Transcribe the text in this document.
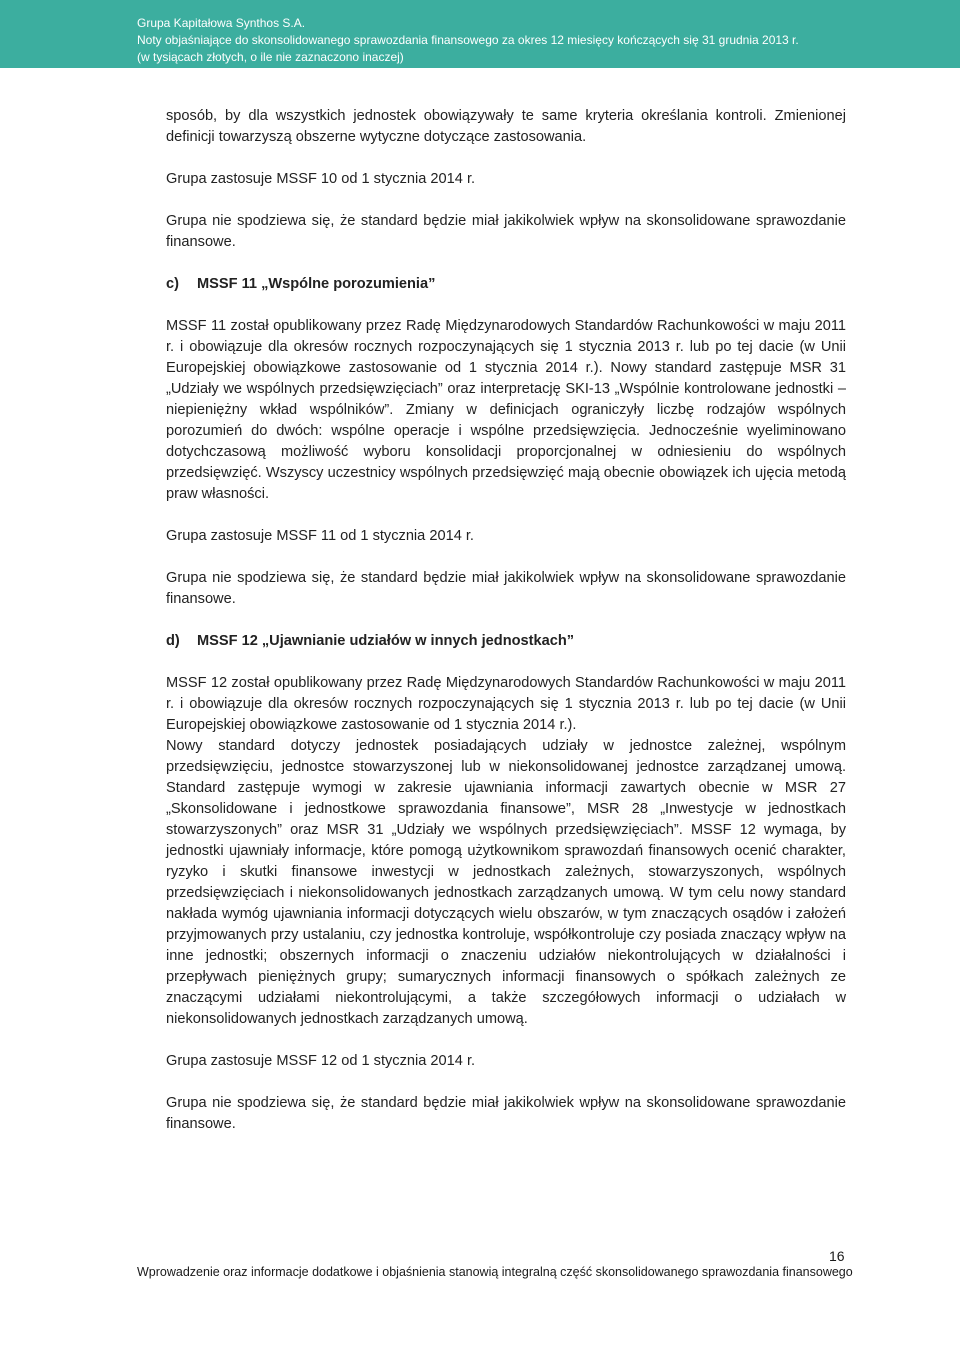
Grupa Kapitałowa Synthos S.A.
Noty objaśniające do skonsolidowanego sprawozdania finansowego za okres 12 miesięcy kończących się 31 grudnia 2013 r.
(w tysiącach złotych, o ile nie zaznaczono inaczej)

sposób, by dla wszystkich jednostek obowiązywały te same kryteria określania kontroli. Zmienionej definicji towarzyszą obszerne wytyczne dotyczące zastosowania.

Grupa zastosuje MSSF 10 od 1 stycznia 2014 r.

Grupa nie spodziewa się, że standard będzie miał jakikolwiek wpływ na skonsolidowane sprawozdanie finansowe.

c)	MSSF 11 „Wspólne porozumienia”

MSSF 11 został opublikowany przez Radę Międzynarodowych Standardów Rachunkowości w maju 2011 r. i obowiązuje dla okresów rocznych rozpoczynających się 1 stycznia 2013 r. lub po tej dacie (w Unii Europejskiej obowiązkowe zastosowanie od 1 stycznia 2014 r.). Nowy standard zastępuje MSR 31 „Udziały we wspólnych przedsięwzięciach” oraz interpretację SKI-13 „Wspólnie kontrolowane jednostki – niepieniężny wkład wspólników”. Zmiany w definicjach ograniczyły liczbę rodzajów wspólnych porozumień do dwóch: wspólne operacje i wspólne przedsięwzięcia. Jednocześnie wyeliminowano dotychczasową możliwość wyboru konsolidacji proporcjonalnej w odniesieniu do wspólnych przedsięwzięć. Wszyscy uczestnicy wspólnych przedsięwzięć mają obecnie obowiązek ich ujęcia metodą praw własności.

Grupa zastosuje MSSF 11 od 1 stycznia 2014 r.

Grupa nie spodziewa się, że standard będzie miał jakikolwiek wpływ na skonsolidowane sprawozdanie finansowe.

d)	MSSF 12 „Ujawnianie udziałów w innych jednostkach”

MSSF 12 został opublikowany przez Radę Międzynarodowych Standardów Rachunkowości w maju 2011 r. i obowiązuje dla okresów rocznych rozpoczynających się 1 stycznia 2013 r. lub po tej dacie (w Unii Europejskiej obowiązkowe zastosowanie od 1 stycznia 2014 r.).

Nowy standard dotyczy jednostek posiadających udziały w jednostce zależnej, wspólnym przedsięwzięciu, jednostce stowarzyszonej lub w niekonsolidowanej jednostce zarządzanej umową. Standard zastępuje wymogi w zakresie ujawniania informacji zawartych obecnie w MSR 27 „Skonsolidowane i jednostkowe sprawozdania finansowe”, MSR 28 „Inwestycje w jednostkach stowarzyszonych” oraz MSR 31 „Udziały we wspólnych przedsięwzięciach”. MSSF 12 wymaga, by jednostki ujawniały informacje, które pomogą użytkownikom sprawozdań finansowych ocenić charakter, ryzyko i skutki finansowe inwestycji w jednostkach zależnych, stowarzyszonych, wspólnych przedsięwzięciach i niekonsolidowanych jednostkach zarządzanych umową. W tym celu nowy standard nakłada wymóg ujawniania informacji dotyczących wielu obszarów, w tym znaczących osądów i założeń przyjmowanych przy ustalaniu, czy jednostka kontroluje, współkontroluje czy posiada znaczący wpływ na inne jednostki; obszernych informacji o znaczeniu udziałów niekontrolujących w działalności i przepływach pieniężnych grupy; sumarycznych informacji finansowych o spółkach zależnych ze znaczącymi udziałami niekontrolującymi, a także szczegółowych informacji o udziałach w niekonsolidowanych jednostkach zarządzanych umową.

Grupa zastosuje MSSF 12 od 1 stycznia 2014 r.

Grupa nie spodziewa się, że standard będzie miał jakikolwiek wpływ na skonsolidowane sprawozdanie finansowe.

16
Wprowadzenie oraz informacje dodatkowe i objaśnienia stanowią integralną część skonsolidowanego sprawozdania finansowego
